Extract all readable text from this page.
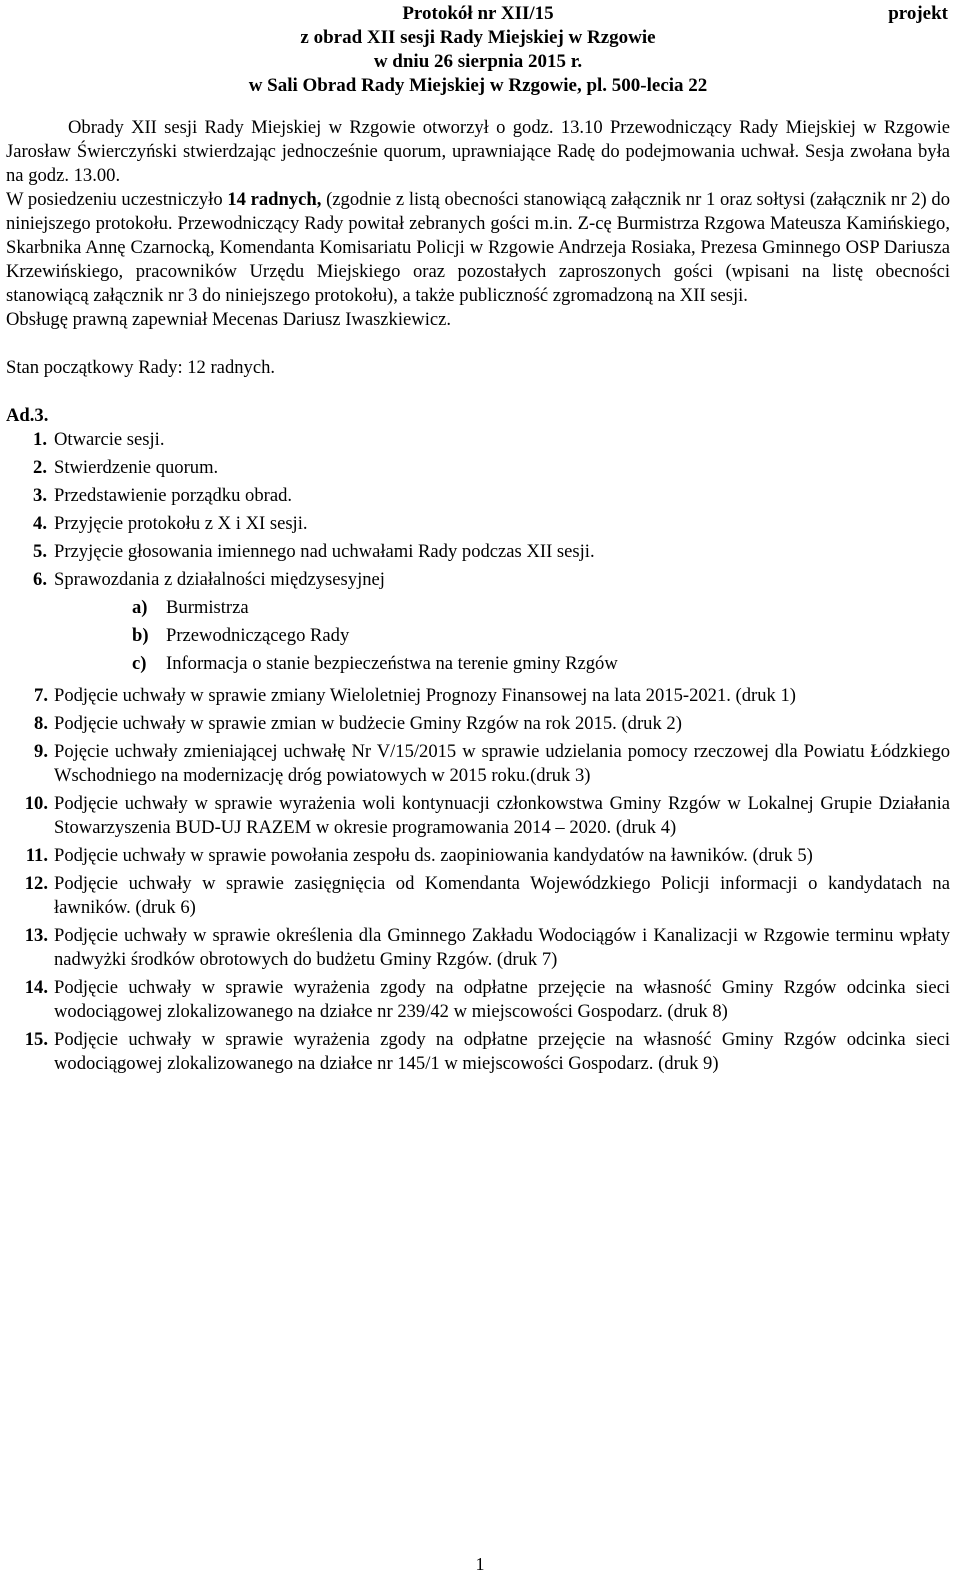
Protokół nr XII/15
z obrad XII sesji Rady Miejskiej w Rzgowie
w dniu 26 sierpnia 2015 r.
w Sali Obrad Rady Miejskiej w Rzgowie, pl. 500-lecia 22
projekt

Obrady XII sesji Rady Miejskiej w Rzgowie otworzył o godz. 13.10 Przewodniczący Rady Miejskiej w Rzgowie Jarosław Świerczyński stwierdzając jednocześnie quorum, uprawniające Radę do podejmowania uchwał. Sesja zwołana była na godz. 13.00.

W posiedzeniu uczestniczyło 14 radnych, (zgodnie z listą obecności stanowiącą załącznik nr 1 oraz sołtysi (załącznik nr 2) do niniejszego protokołu. Przewodniczący Rady powitał zebranych gości m.in. Z-cę Burmistrza Rzgowa Mateusza Kamińskiego, Skarbnika Annę Czarnocką, Komendanta Komisariatu Policji w Rzgowie Andrzeja Rosiaka, Prezesa Gminnego OSP Dariusza Krzewińskiego, pracowników Urzędu Miejskiego oraz pozostałych zaproszonych gości (wpisani na listę obecności stanowiącą załącznik nr 3 do niniejszego protokołu), a także publiczność zgromadzoną na XII sesji.

Obsługę prawną zapewniał Mecenas Dariusz Iwaszkiewicz.

Stan początkowy Rady: 12 radnych.

Ad.3.

1. Otwarcie sesji.
2. Stwierdzenie quorum.
3. Przedstawienie porządku obrad.
4. Przyjęcie protokołu z X i XI sesji.
5. Przyjęcie głosowania imiennego nad uchwałami Rady podczas XII sesji.
6. Sprawozdania z działalności międzysesyjnej
a) Burmistrza
b) Przewodniczącego Rady
c)	Informacja o stanie bezpieczeństwa na terenie gminy Rzgów
7. Podjęcie uchwały w sprawie zmiany Wieloletniej Prognozy Finansowej na lata 2015-2021. (druk 1)
8. Podjęcie uchwały w sprawie zmian w budżecie Gminy Rzgów na rok 2015. (druk 2)
9. Pojęcie uchwały zmieniającej uchwałę Nr V/15/2015 w sprawie udzielania pomocy rzeczowej dla Powiatu Łódzkiego Wschodniego na modernizację dróg powiatowych w 2015 roku.(druk 3)
10. Podjęcie uchwały w sprawie wyrażenia woli kontynuacji członkowstwa Gminy Rzgów w Lokalnej Grupie Działania Stowarzyszenia BUD-UJ RAZEM w okresie programowania 2014 – 2020. (druk 4)
11. Podjęcie uchwały w sprawie powołania zespołu ds. zaopiniowania kandydatów na ławników. (druk 5)
12. Podjęcie uchwały w sprawie zasięgnięcia od Komendanta Wojewódzkiego Policji informacji o kandydatach na ławników. (druk 6)
13. Podjęcie uchwały w sprawie określenia dla Gminnego Zakładu Wodociągów i Kanalizacji w Rzgowie terminu wpłaty nadwyżki środków obrotowych do budżetu Gminy Rzgów. (druk 7)
14. Podjęcie uchwały w sprawie wyrażenia zgody na odpłatne przejęcie na własność Gminy Rzgów odcinka sieci wodociągowej zlokalizowanego na działce nr 239/42 w miejscowości Gospodarz. (druk 8)
15. Podjęcie uchwały w sprawie wyrażenia zgody na odpłatne przejęcie na własność Gminy Rzgów odcinka sieci wodociągowej zlokalizowanego na działce nr 145/1 w miejscowości Gospodarz. (druk 9)
1
